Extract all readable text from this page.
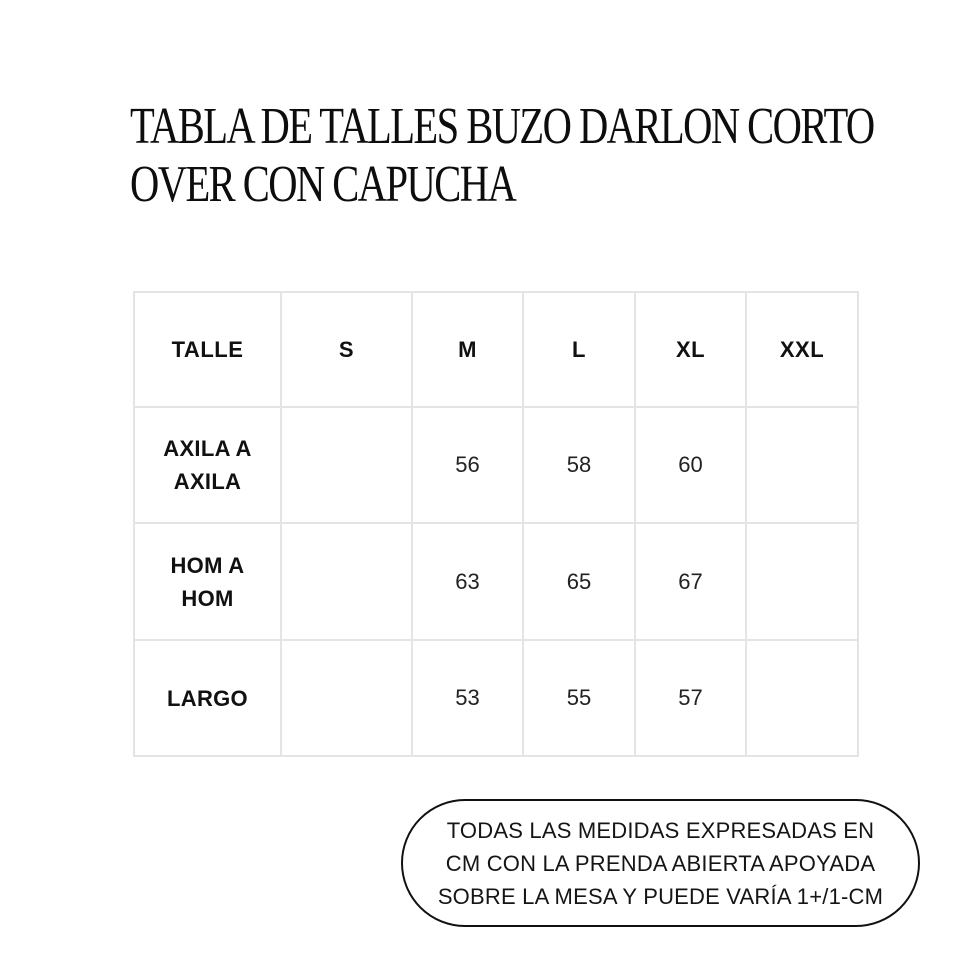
TABLA DE TALLES BUZO DARLON CORTO
OVER CON CAPUCHA
TALLE	S	M	L	XL	XXL

AXILA A
AXILA		56	58	60	

HOM A
HOM		63	65	67	
LARGO		53	55	57	
TODAS LAS MEDIDAS EXPRESADAS EN
CM CON LA PRENDA ABIERTA APOYADA
SOBRE LA MESA Y PUEDE VARÍA 1+/1-CM
